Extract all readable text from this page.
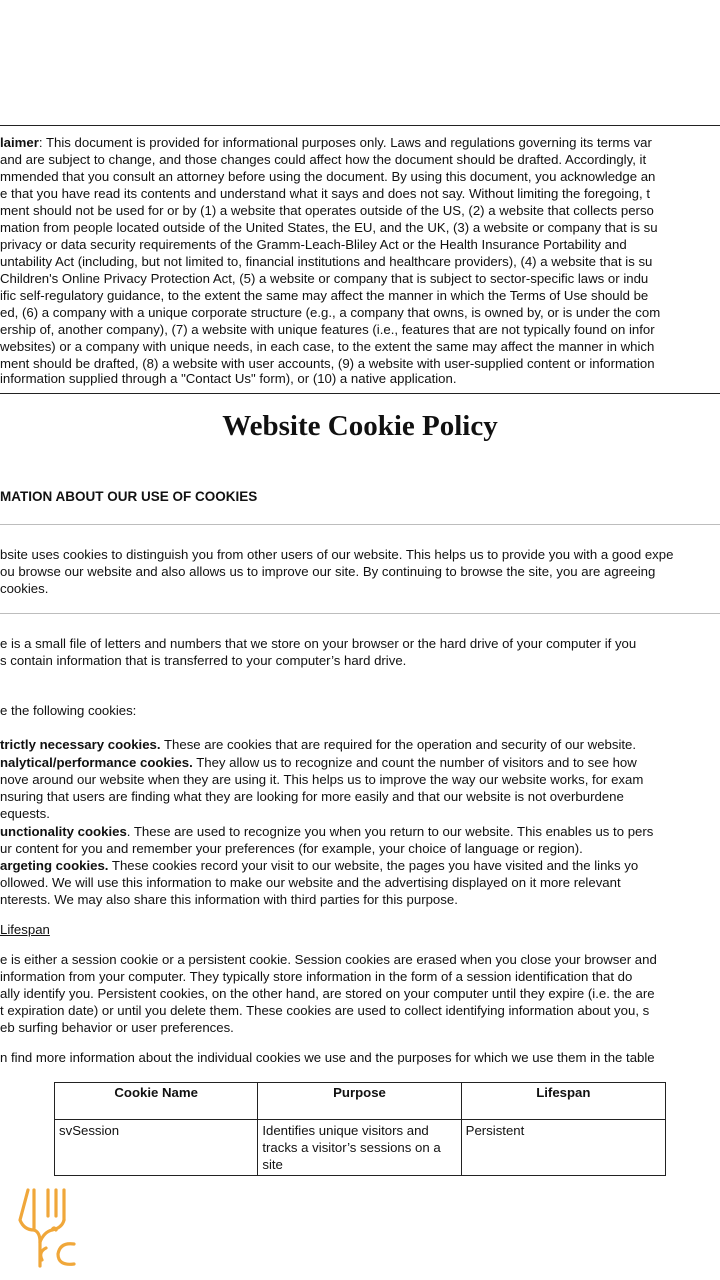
laimer: This document is provided for informational purposes only. Laws and regulations governing its terms var
and are subject to change, and those changes could affect how the document should be drafted. Accordingly, it
mmended that you consult an attorney before using the document. By using this document, you acknowledge an
e that you have read its contents and understand what it says and does not say. Without limiting the foregoing, t
ment should not be used for or by (1) a website that operates outside of the US, (2) a website that collects perso
mation from people located outside of the United States, the EU, and the UK, (3) a website or company that is su
privacy or data security requirements of the Gramm-Leach-Bliley Act or the Health Insurance Portability and
untability Act (including, but not limited to, financial institutions and healthcare providers), (4) a website that is su
Children's Online Privacy Protection Act, (5) a website or company that is subject to sector-specific laws or indu
ific self-regulatory guidance, to the extent the same may affect the manner in which the Terms of Use should be
ed, (6) a company with a unique corporate structure (e.g., a company that owns, is owned by, or is under the com
ership of, another company), (7) a website with unique features (i.e., features that are not typically found on infor
websites) or a company with unique needs, in each case, to the extent the same may affect the manner in which
ment should be drafted, (8) a website with user accounts, (9) a website with user-supplied content or information
information supplied through a "Contact Us" form), or (10) a native application.
Website Cookie Policy
MATION ABOUT OUR USE OF COOKIES
bsite uses cookies to distinguish you from other users of our website. This helps us to provide you with a good expe
ou browse our website and also allows us to improve our site. By continuing to browse the site, you are agreeing
cookies.
e is a small file of letters and numbers that we store on your browser or the hard drive of your computer if you
s contain information that is transferred to your computer’s hard drive.
e the following cookies:
trictly necessary cookies. These are cookies that are required for the operation and security of our website.
nalytical/performance cookies. They allow us to recognize and count the number of visitors and to see how
nove around our website when they are using it. This helps us to improve the way our website works, for exam
nsuring that users are finding what they are looking for more easily and that our website is not overburdene
equests.
unctionality cookies. These are used to recognize you when you return to our website. This enables us to pers
ur content for you and remember your preferences (for example, your choice of language or region).
argeting cookies. These cookies record your visit to our website, the pages you have visited and the links yo
ollowed. We will use this information to make our website and the advertising displayed on it more relevant
nterests. We may also share this information with third parties for this purpose.
Lifespan
e is either a session cookie or a persistent cookie. Session cookies are erased when you close your browser and
information from your computer. They typically store information in the form of a session identification that do
ally identify you. Persistent cookies, on the other hand, are stored on your computer until they expire (i.e. the are
t expiration date) or until you delete them. These cookies are used to collect identifying information about you, s
eb surfing behavior or user preferences.
n find more information about the individual cookies we use and the purposes for which we use them in the table
Cookie Name	Purpose	Lifespan
svSession	Identifies unique visitors and tracks a visitor’s sessions on a site	Persistent
